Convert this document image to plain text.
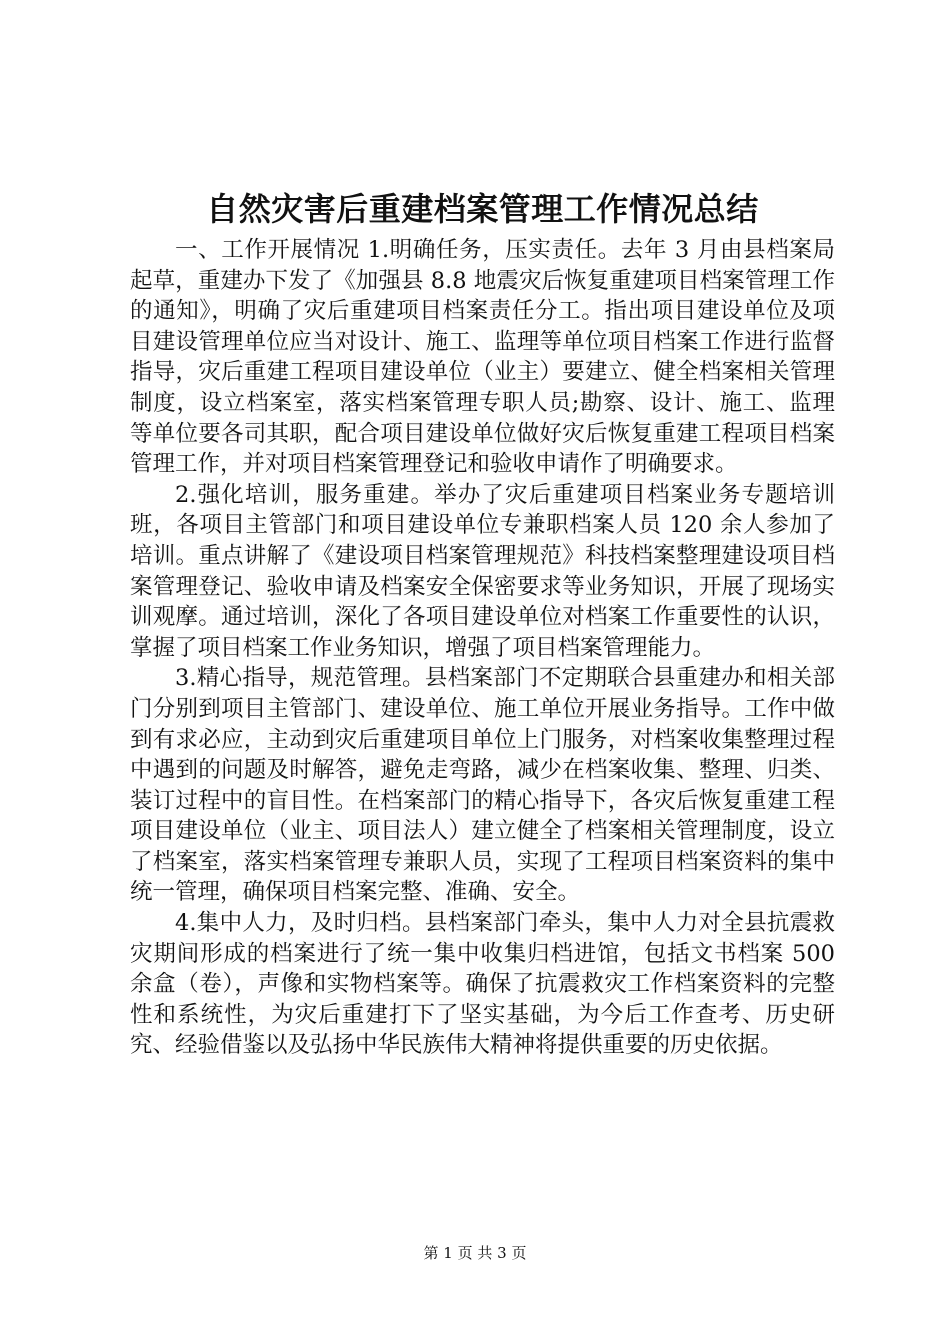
自然灾害后重建档案管理工作情况总结

一、工作开展情况 1.明确任务，压实责任。去年 3 月由县档案局起草，重建办下发了《加强县 8.8 地震灾后恢复重建项目档案管理工作的通知》，明确了灾后重建项目档案责任分工。指出项目建设单位及项目建设管理单位应当对设计、施工、监理等单位项目档案工作进行监督指导，灾后重建工程项目建设单位（业主）要建立、健全档案相关管理制度，设立档案室，落实档案管理专职人员;勘察、设计、施工、监理等单位要各司其职，配合项目建设单位做好灾后恢复重建工程项目档案管理工作，并对项目档案管理登记和验收申请作了明确要求。

2.强化培训，服务重建。举办了灾后重建项目档案业务专题培训班，各项目主管部门和项目建设单位专兼职档案人员 120 余人参加了培训。重点讲解了《建设项目档案管理规范》科技档案整理建设项目档案管理登记、验收申请及档案安全保密要求等业务知识，开展了现场实训观摩。通过培训，深化了各项目建设单位对档案工作重要性的认识，掌握了项目档案工作业务知识，增强了项目档案管理能力。

3.精心指导，规范管理。县档案部门不定期联合县重建办和相关部门分别到项目主管部门、建设单位、施工单位开展业务指导。工作中做到有求必应，主动到灾后重建项目单位上门服务，对档案收集整理过程中遇到的问题及时解答，避免走弯路，减少在档案收集、整理、归类、装订过程中的盲目性。在档案部门的精心指导下，各灾后恢复重建工程项目建设单位（业主、项目法人）建立健全了档案相关管理制度，设立了档案室，落实档案管理专兼职人员，实现了工程项目档案资料的集中统一管理，确保项目档案完整、准确、安全。

4.集中人力，及时归档。县档案部门牵头，集中人力对全县抗震救灾期间形成的档案进行了统一集中收集归档进馆，包括文书档案 500 余盒（卷），声像和实物档案等。确保了抗震救灾工作档案资料的完整性和系统性，为灾后重建打下了坚实基础，为今后工作查考、历史研究、经验借鉴以及弘扬中华民族伟大精神将提供重要的历史依据。

第 1 页 共 3 页
